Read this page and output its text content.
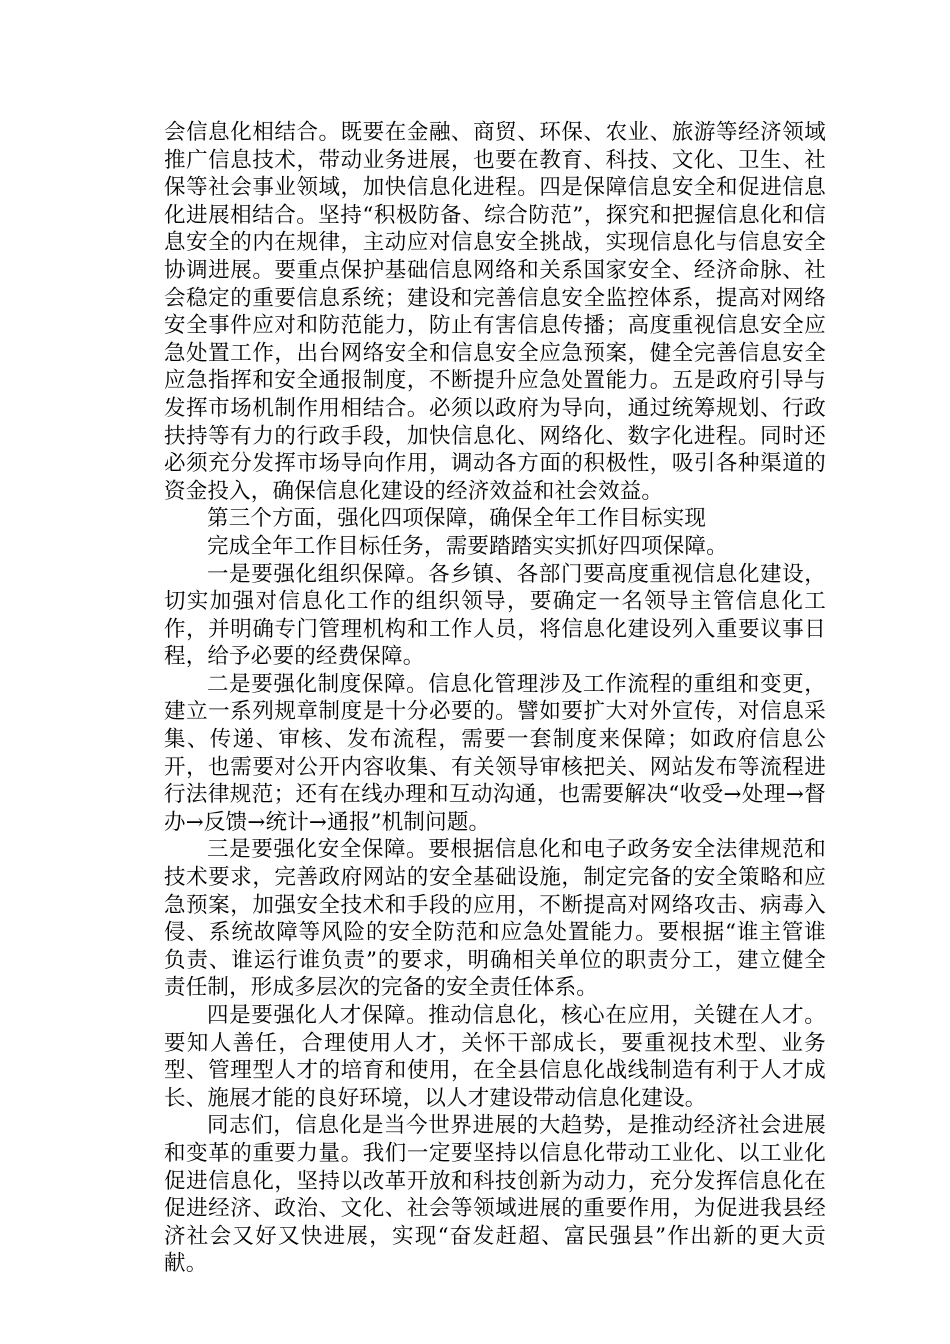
会信息化相结合。既要在金融、商贸、环保、农业、旅游等经济领域推广信息技术，带动业务进展，也要在教育、科技、文化、卫生、社保等社会事业领域，加快信息化进程。四是保障信息安全和促进信息化进展相结合。坚持“积极防备、综合防范”，探究和把握信息化和信息安全的内在规律，主动应对信息安全挑战，实现信息化与信息安全协调进展。要重点保护基础信息网络和关系国家安全、经济命脉、社会稳定的重要信息系统；建设和完善信息安全监控体系，提高对网络安全事件应对和防范能力，防止有害信息传播；高度重视信息安全应急处置工作，出台网络安全和信息安全应急预案，健全完善信息安全应急指挥和安全通报制度，不断提升应急处置能力。五是政府引导与发挥市场机制作用相结合。必须以政府为导向，通过统筹规划、行政扶持等有力的行政手段，加快信息化、网络化、数字化进程。同时还必须充分发挥市场导向作用，调动各方面的积极性，吸引各种渠道的资金投入，确保信息化建设的经济效益和社会效益。

第三个方面，强化四项保障，确保全年工作目标实现

完成全年工作目标任务，需要踏踏实实抓好四项保障。

一是要强化组织保障。各乡镇、各部门要高度重视信息化建设，切实加强对信息化工作的组织领导，要确定一名领导主管信息化工作，并明确专门管理机构和工作人员，将信息化建设列入重要议事日程，给予必要的经费保障。

二是要强化制度保障。信息化管理涉及工作流程的重组和变更，建立一系列规章制度是十分必要的。譬如要扩大对外宣传，对信息采集、传递、审核、发布流程，需要一套制度来保障；如政府信息公开，也需要对公开内容收集、有关领导审核把关、网站发布等流程进行法律规范；还有在线办理和互动沟通，也需要解决“收受→处理→督办→反馈→统计→通报”机制问题。

三是要强化安全保障。要根据信息化和电子政务安全法律规范和技术要求，完善政府网站的安全基础设施，制定完备的安全策略和应急预案，加强安全技术和手段的应用，不断提高对网络攻击、病毒入侵、系统故障等风险的安全防范和应急处置能力。要根据“谁主管谁负责、谁运行谁负责”的要求，明确相关单位的职责分工，建立健全责任制，形成多层次的完备的安全责任体系。

四是要强化人才保障。推动信息化，核心在应用，关键在人才。要知人善任，合理使用人才，关怀干部成长，要重视技术型、业务型、管理型人才的培育和使用，在全县信息化战线制造有利于人才成长、施展才能的良好环境，以人才建设带动信息化建设。

同志们，信息化是当今世界进展的大趋势，是推动经济社会进展和变革的重要力量。我们一定要坚持以信息化带动工业化、以工业化促进信息化，坚持以改革开放和科技创新为动力，充分发挥信息化在促进经济、政治、文化、社会等领域进展的重要作用，为促进我县经济社会又好又快进展，实现“奋发赶超、富民强县”作出新的更大贡献。
